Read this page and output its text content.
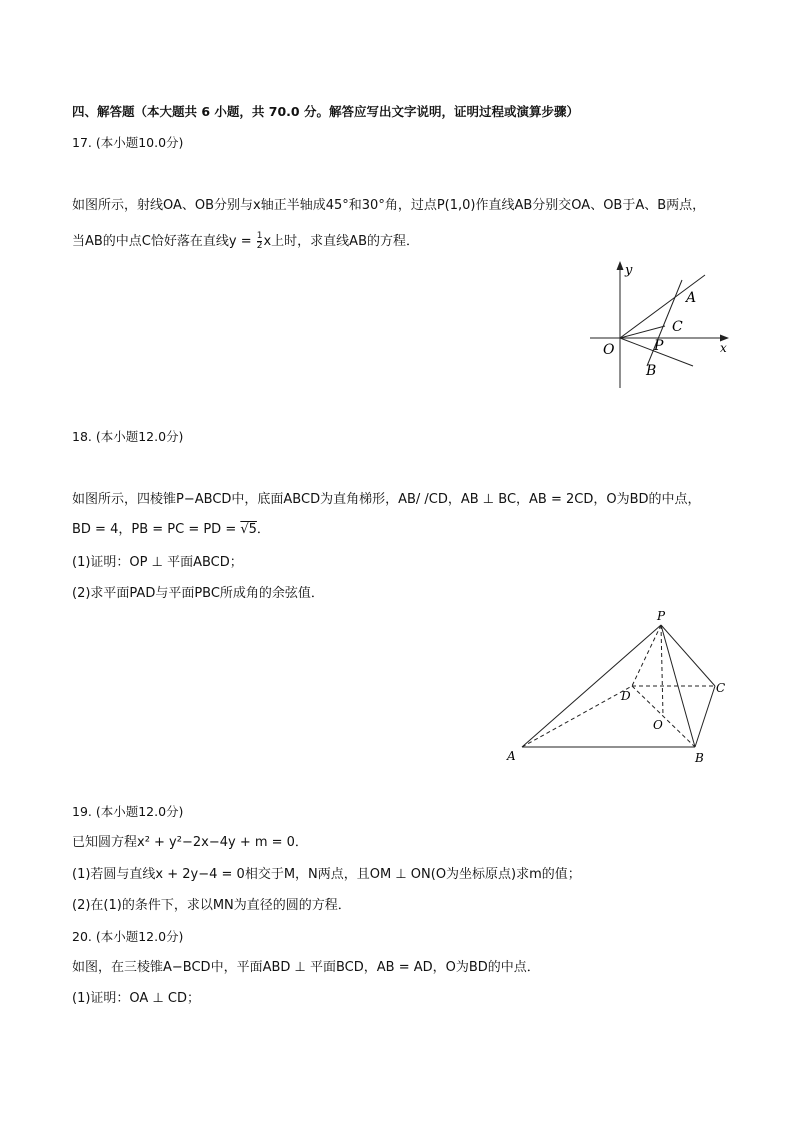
四、解答题（本大题共 6 小题，共 70.0 分。解答应写出文字说明，证明过程或演算步骤）
17. (本小题10.0分)
如图所示，射线OA、OB分别与x轴正半轴成45°和30°角，过点P(1,0)作直线AB分别交OA、OB于A、B两点，
当AB的中点C恰好落在直线$y = \frac{1}{2}$ x上时，求直线AB的方程．
y
x
O
A
C
P
B
18. (本小题12.0分)
如图所示，四棱锥P−ABCD中，底面ABCD为直角梯形，AB/ /CD，AB ⊥ BC，AB = 2CD，O为BD的中点，
BD = 4，PB = PC = PD = √5．
(1)证明：OP ⊥ 平面ABCD；
(2)求平面PAD与平面PBC所成角的余弦值．
P
D
C
O
A	B
19. (本小题12.0分)
已知圆方程x² + y²−2x−4y + m = 0．
(1)若圆与直线x + 2y−4 = 0相交于M，N两点，且OM ⊥ ON(O为坐标原点)求m的值；
(2)在(1)的条件下，求以MN为直径的圆的方程．
20. (本小题12.0分)
如图，在三棱锥A−BCD中，平面ABD ⊥ 平面BCD，AB = AD，O为BD的中点．
(1)证明：OA ⊥ CD；
